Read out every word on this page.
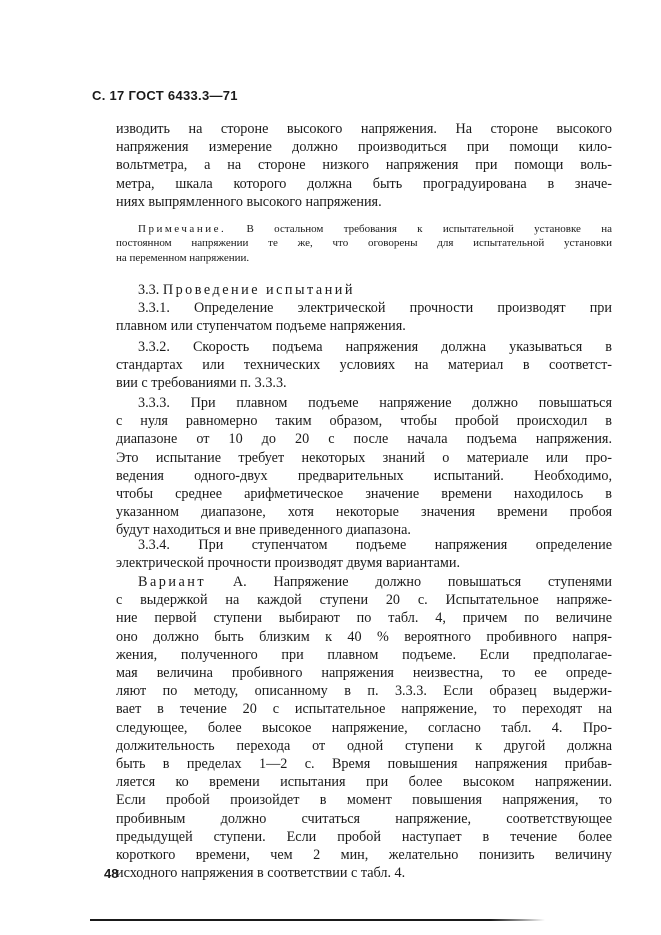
С. 17 ГОСТ 6433.3—71
изводить на стороне высокого напряжения. На стороне высокого
напряжения измерение должно производиться при помощи кило-
вольтметра, а на стороне низкого напряжения при помощи воль-
метра, шкала которого должна быть проградуирована в значе-
ниях выпрямленного высокого напряжения.
Примечание. В остальном требования к испытательной установке на
постоянном напряжении те же, что оговорены для испытательной установки
на переменном напряжении.
3.3. Проведение испытаний
3.3.1. Определение электрической прочности производят при
плавном или ступенчатом подъеме напряжения.
3.3.2. Скорость подъема напряжения должна указываться в
стандартах или технических условиях на материал в соответст-
вии с требованиями п. 3.3.3.
3.3.3. При плавном подъеме напряжение должно повышаться
с нуля равномерно таким образом, чтобы пробой происходил в
диапазоне от 10 до 20 с после начала подъема напряжения.
Это испытание требует некоторых знаний о материале или про-
ведения одного-двух предварительных испытаний. Необходимо,
чтобы среднее арифметическое значение времени находилось в
указанном диапазоне, хотя некоторые значения времени пробоя
будут находиться и вне приведенного диапазона.
3.3.4. При ступенчатом подъеме напряжения определение
электрической прочности производят двумя вариантами.
Вариант А. Напряжение должно повышаться ступенями
с выдержкой на каждой ступени 20 с. Испытательное напряже-
ние первой ступени выбирают по табл. 4, причем по величине
оно должно быть близким к 40 % вероятного пробивного напря-
жения, полученного при плавном подъеме. Если предполагае-
мая величина пробивного напряжения неизвестна, то ее опреде-
ляют по методу, описанному в п. 3.3.3. Если образец выдержи-
вает в течение 20 с испытательное напряжение, то переходят на
следующее, более высокое напряжение, согласно табл. 4. Про-
должительность перехода от одной ступени к другой должна
быть в пределах 1—2 с. Время повышения напряжения прибав-
ляется ко времени испытания при более высоком напряжении.
Если пробой произойдет в момент повышения напряжения, то
пробивным должно считаться напряжение, соответствующее
предыдущей ступени. Если пробой наступает в течение более
короткого времени, чем 2 мин, желательно понизить величину
исходного напряжения в соответствии с табл. 4.
48
